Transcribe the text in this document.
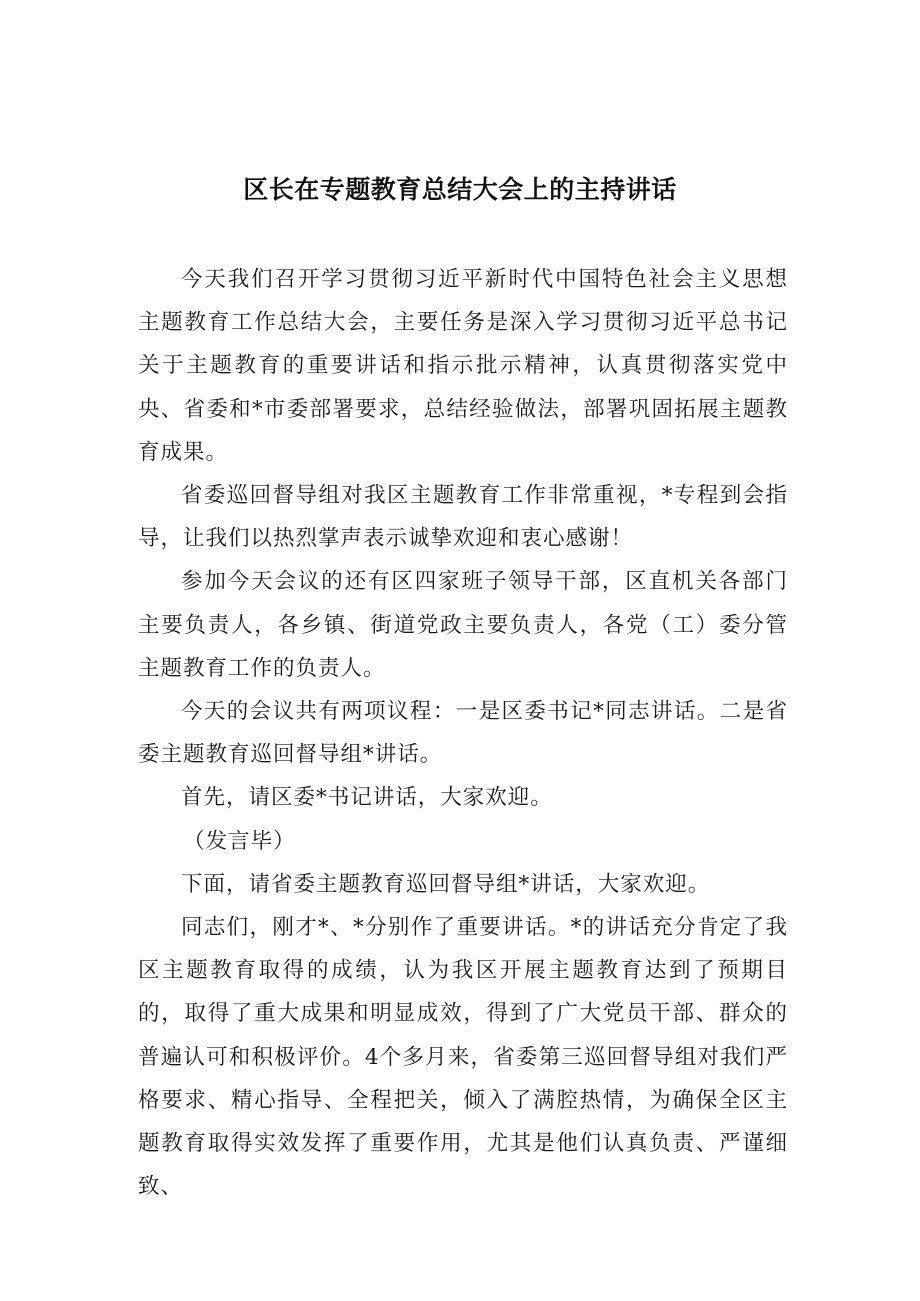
区长在专题教育总结大会上的主持讲话

今天我们召开学习贯彻习近平新时代中国特色社会主义思想主题教育工作总结大会，主要任务是深入学习贯彻习近平总书记关于主题教育的重要讲话和指示批示精神，认真贯彻落实党中央、省委和*市委部署要求，总结经验做法，部署巩固拓展主题教育成果。

省委巡回督导组对我区主题教育工作非常重视，*专程到会指导，让我们以热烈掌声表示诚挚欢迎和衷心感谢！

参加今天会议的还有区四家班子领导干部，区直机关各部门主要负责人，各乡镇、街道党政主要负责人，各党（工）委分管主题教育工作的负责人。

今天的会议共有两项议程：一是区委书记*同志讲话。二是省委主题教育巡回督导组*讲话。

首先，请区委*书记讲话，大家欢迎。

（发言毕）

下面，请省委主题教育巡回督导组*讲话，大家欢迎。

同志们，刚才*、*分别作了重要讲话。*的讲话充分肯定了我区主题教育取得的成绩，认为我区开展主题教育达到了预期目的，取得了重大成果和明显成效，得到了广大党员干部、群众的普遍认可和积极评价。4个多月来，省委第三巡回督导组对我们严格要求、精心指导、全程把关，倾入了满腔热情，为确保全区主题教育取得实效发挥了重要作用，尤其是他们认真负责、严谨细致、
